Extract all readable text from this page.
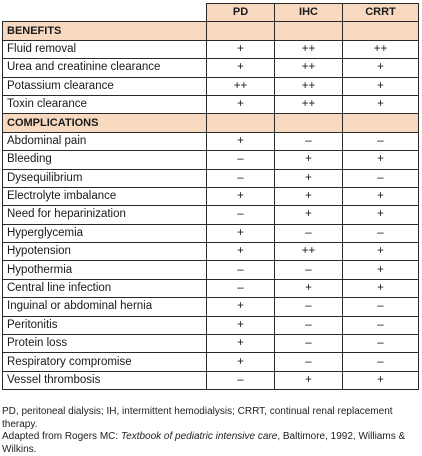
	PD	IHC	CRRT
BENEFITS			
Fluid removal	+	++	++
Urea and creatinine clearance	+	++	+
Potassium clearance	++	++	+
Toxin clearance	+	++	+
COMPLICATIONS			
Abdominal pain	+	–	–
Bleeding	–	+	+
Dysequilibrium	–	+	–
Electrolyte imbalance	+	+	+
Need for heparinization	–	+	+
Hyperglycemia	+	–	–
Hypotension	+	++	+
Hypothermia	–	–	+
Central line infection	–	+	+
Inguinal or abdominal hernia	+	–	–
Peritonitis	+	–	–
Protein loss	+	–	–
Respiratory compromise	+	–	–
Vessel thrombosis	–	+	+

PD, peritoneal dialysis; IH, intermittent hemodialysis; CRRT, continual renal replacement therapy.

Adapted from Rogers MC: Textbook of pediatric intensive care, Baltimore, 1992, Williams & Wilkins.
